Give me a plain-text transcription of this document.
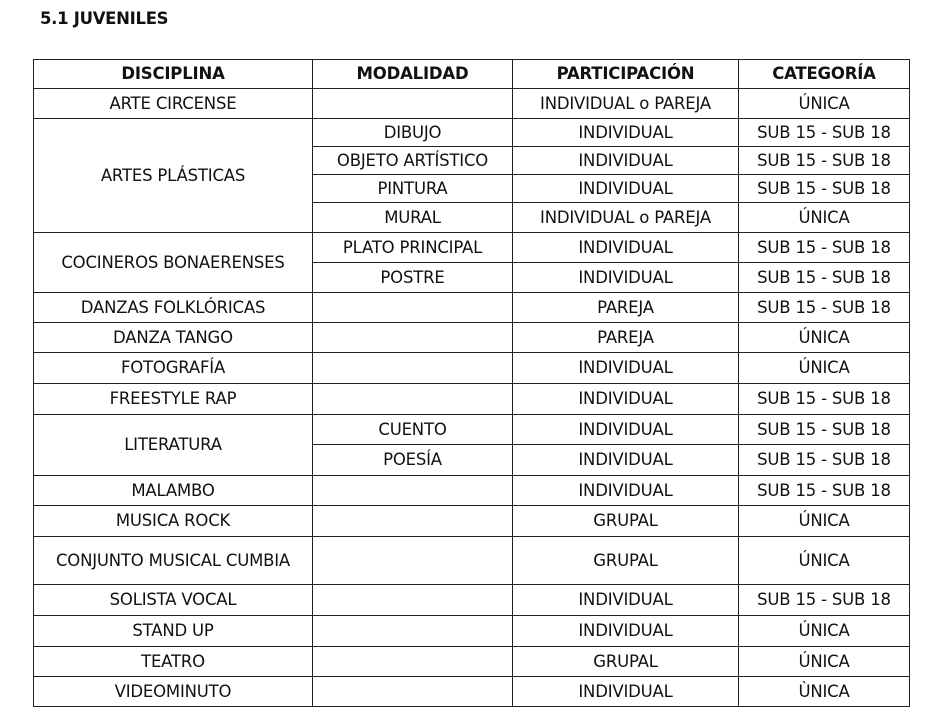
5.1 JUVENILES
DISCIPLINA	MODALIDAD	PARTICIPACIÓN	CATEGORÍA
ARTE CIRCENSE		INDIVIDUAL o PAREJA	ÚNICA
ARTES PLÁSTICAS	DIBUJO	INDIVIDUAL	SUB 15 - SUB 18
	OBJETO ARTÍSTICO	INDIVIDUAL	SUB 15 - SUB 18
	PINTURA	INDIVIDUAL	SUB 15 - SUB 18
	MURAL	INDIVIDUAL o PAREJA	ÚNICA
COCINEROS BONAERENSES	PLATO PRINCIPAL	INDIVIDUAL	SUB 15 - SUB 18
	POSTRE	INDIVIDUAL	SUB 15 - SUB 18
DANZAS FOLKLÓRICAS		PAREJA	SUB 15 - SUB 18
DANZA TANGO		PAREJA	ÚNICA
FOTOGRAFÍA		INDIVIDUAL	ÚNICA
FREESTYLE RAP		INDIVIDUAL	SUB 15 - SUB 18
LITERATURA	CUENTO	INDIVIDUAL	SUB 15 - SUB 18
	POESÍA	INDIVIDUAL	SUB 15 - SUB 18
MALAMBO		INDIVIDUAL	SUB 15 - SUB 18
MUSICA ROCK		GRUPAL	ÚNICA
CONJUNTO MUSICAL CUMBIA		GRUPAL	ÚNICA
SOLISTA VOCAL		INDIVIDUAL	SUB 15 - SUB 18
STAND UP		INDIVIDUAL	ÚNICA
TEATRO		GRUPAL	ÚNICA
VIDEOMINUTO		INDIVIDUAL	ÙNICA
